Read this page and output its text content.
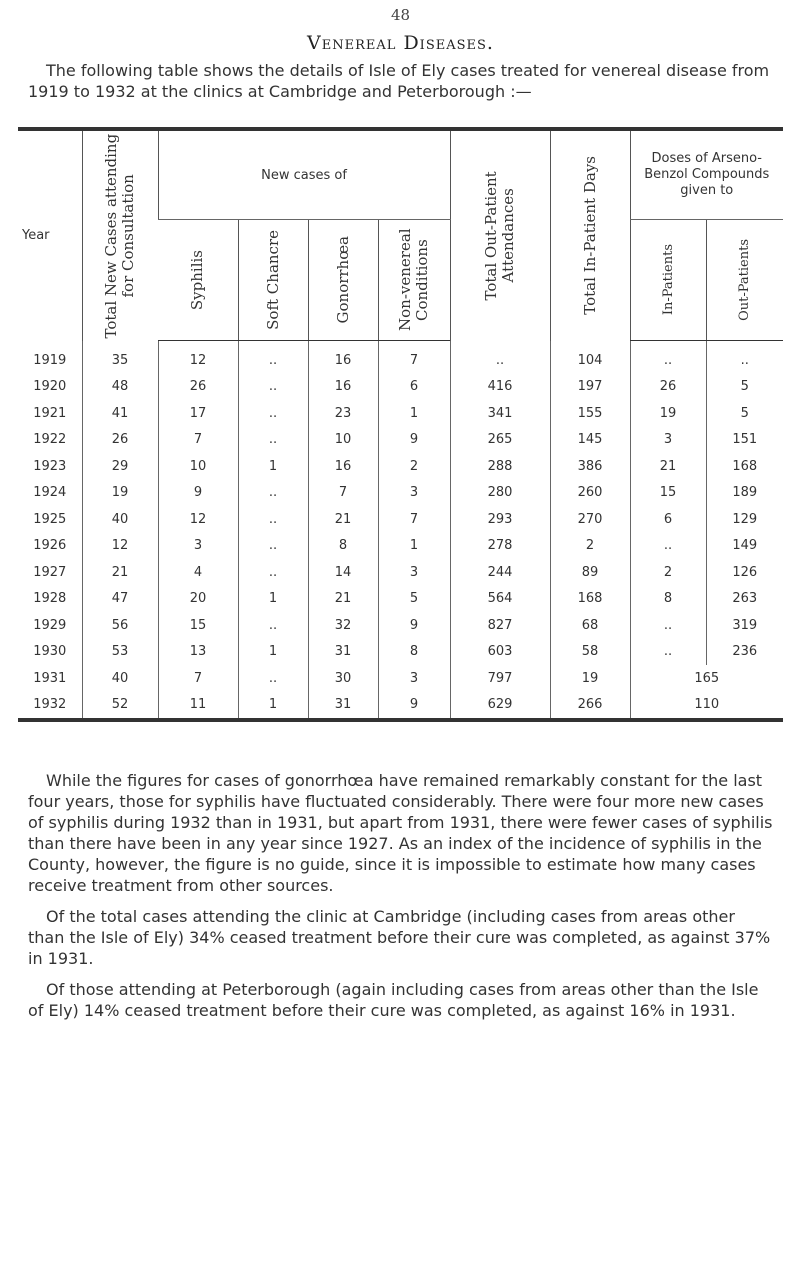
48
Venereal Diseases.

The following table shows the details of Isle of Ely cases treated for venereal disease from 1919 to 1932 at the clinics at Cambridge and Peterborough :—

Year	Total New Cases attending for Consultation	New cases of				Total Out-Patient Attendances	Total In-Patient Days	Doses of Arseno-Benzol Compounds given to	

		Syphilis	Soft Chancre	Gonorrhœa	Non-venereal Conditions			In-Patients	Out-Patients

1919	35	12	..	16	7	..	104	..	..
1920	48	26	..	16	6	416	197	26	5
1921	41	17	..	23	1	341	155	19	5
1922	26	7	..	10	9	265	145	3	151
1923	29	10	1	16	2	288	386	21	168
1924	19	9	..	7	3	280	260	15	189
1925	40	12	..	21	7	293	270	6	129
1926	12	3	..	8	1	278	2	..	149
1927	21	4	..	14	3	244	89	2	126
1928	47	20	1	21	5	564	168	8	263
1929	56	15	..	32	9	827	68	..	319
1930	53	13	1	31	8	603	58	..	236
1931	40	7	..	30	3	797	19	165	
1932	52	11	1	31	9	629	266	110	

While the figures for cases of gonorrhœa have remained remarkably constant for the last four years, those for syphilis have fluctuated considerably. There were four more new cases of syphilis during 1932 than in 1931, but apart from 1931, there were fewer cases of syphilis than there have been in any year since 1927. As an index of the incidence of syphilis in the County, however, the figure is no guide, since it is impossible to estimate how many cases receive treatment from other sources.

Of the total cases attending the clinic at Cambridge (including cases from areas other than the Isle of Ely) 34% ceased treatment before their cure was completed, as against 37% in 1931.

Of those attending at Peterborough (again including cases from areas other than the Isle of Ely) 14% ceased treatment before their cure was completed, as against 16% in 1931.
